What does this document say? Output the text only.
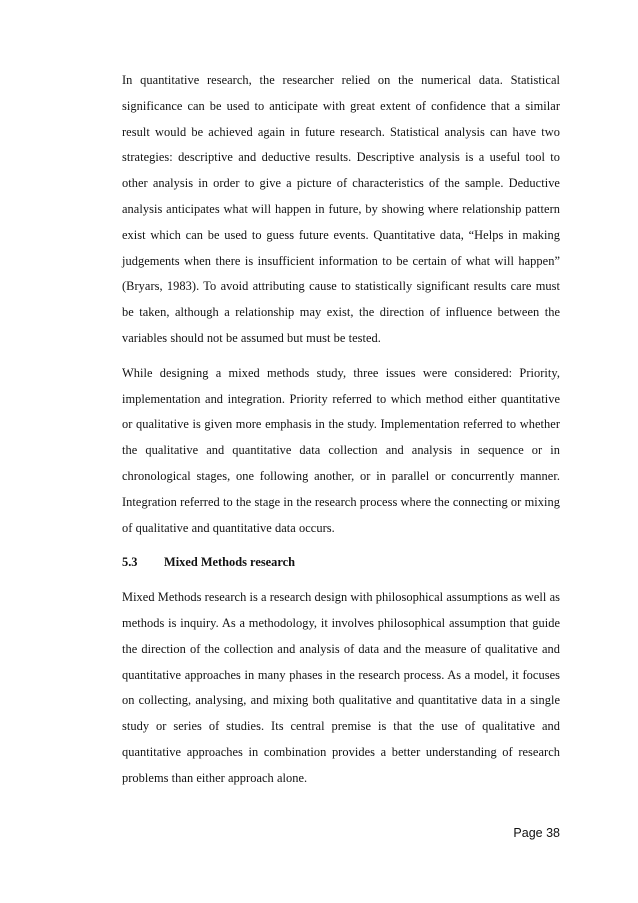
In quantitative research, the researcher relied on the numerical data. Statistical significance can be used to anticipate with great extent of confidence that a similar result would be achieved again in future research. Statistical analysis can have two strategies: descriptive and deductive results. Descriptive analysis is a useful tool to other analysis in order to give a picture of characteristics of the sample. Deductive analysis anticipates what will happen in future, by showing where relationship pattern exist which can be used to guess future events. Quantitative data, “Helps in making judgements when there is insufficient information to be certain of what will happen” (Bryars, 1983). To avoid attributing cause to statistically significant results care must be taken, although a relationship may exist, the direction of influence between the variables should not be assumed but must be tested.

While designing a mixed methods study, three issues were considered: Priority, implementation and integration. Priority referred to which method either quantitative or qualitative is given more emphasis in the study. Implementation referred to whether the qualitative and quantitative data collection and analysis in sequence or in chronological stages, one following another, or in parallel or concurrently manner. Integration referred to the stage in the research process where the connecting or mixing of qualitative and quantitative data occurs.

5.3 Mixed Methods research

Mixed Methods research is a research design with philosophical assumptions as well as methods is inquiry. As a methodology, it involves philosophical assumption that guide the direction of the collection and analysis of data and the measure of qualitative and quantitative approaches in many phases in the research process. As a model, it focuses on collecting, analysing, and mixing both qualitative and quantitative data in a single study or series of studies. Its central premise is that the use of qualitative and quantitative approaches in combination provides a better understanding of research problems than either approach alone.

Page 38
